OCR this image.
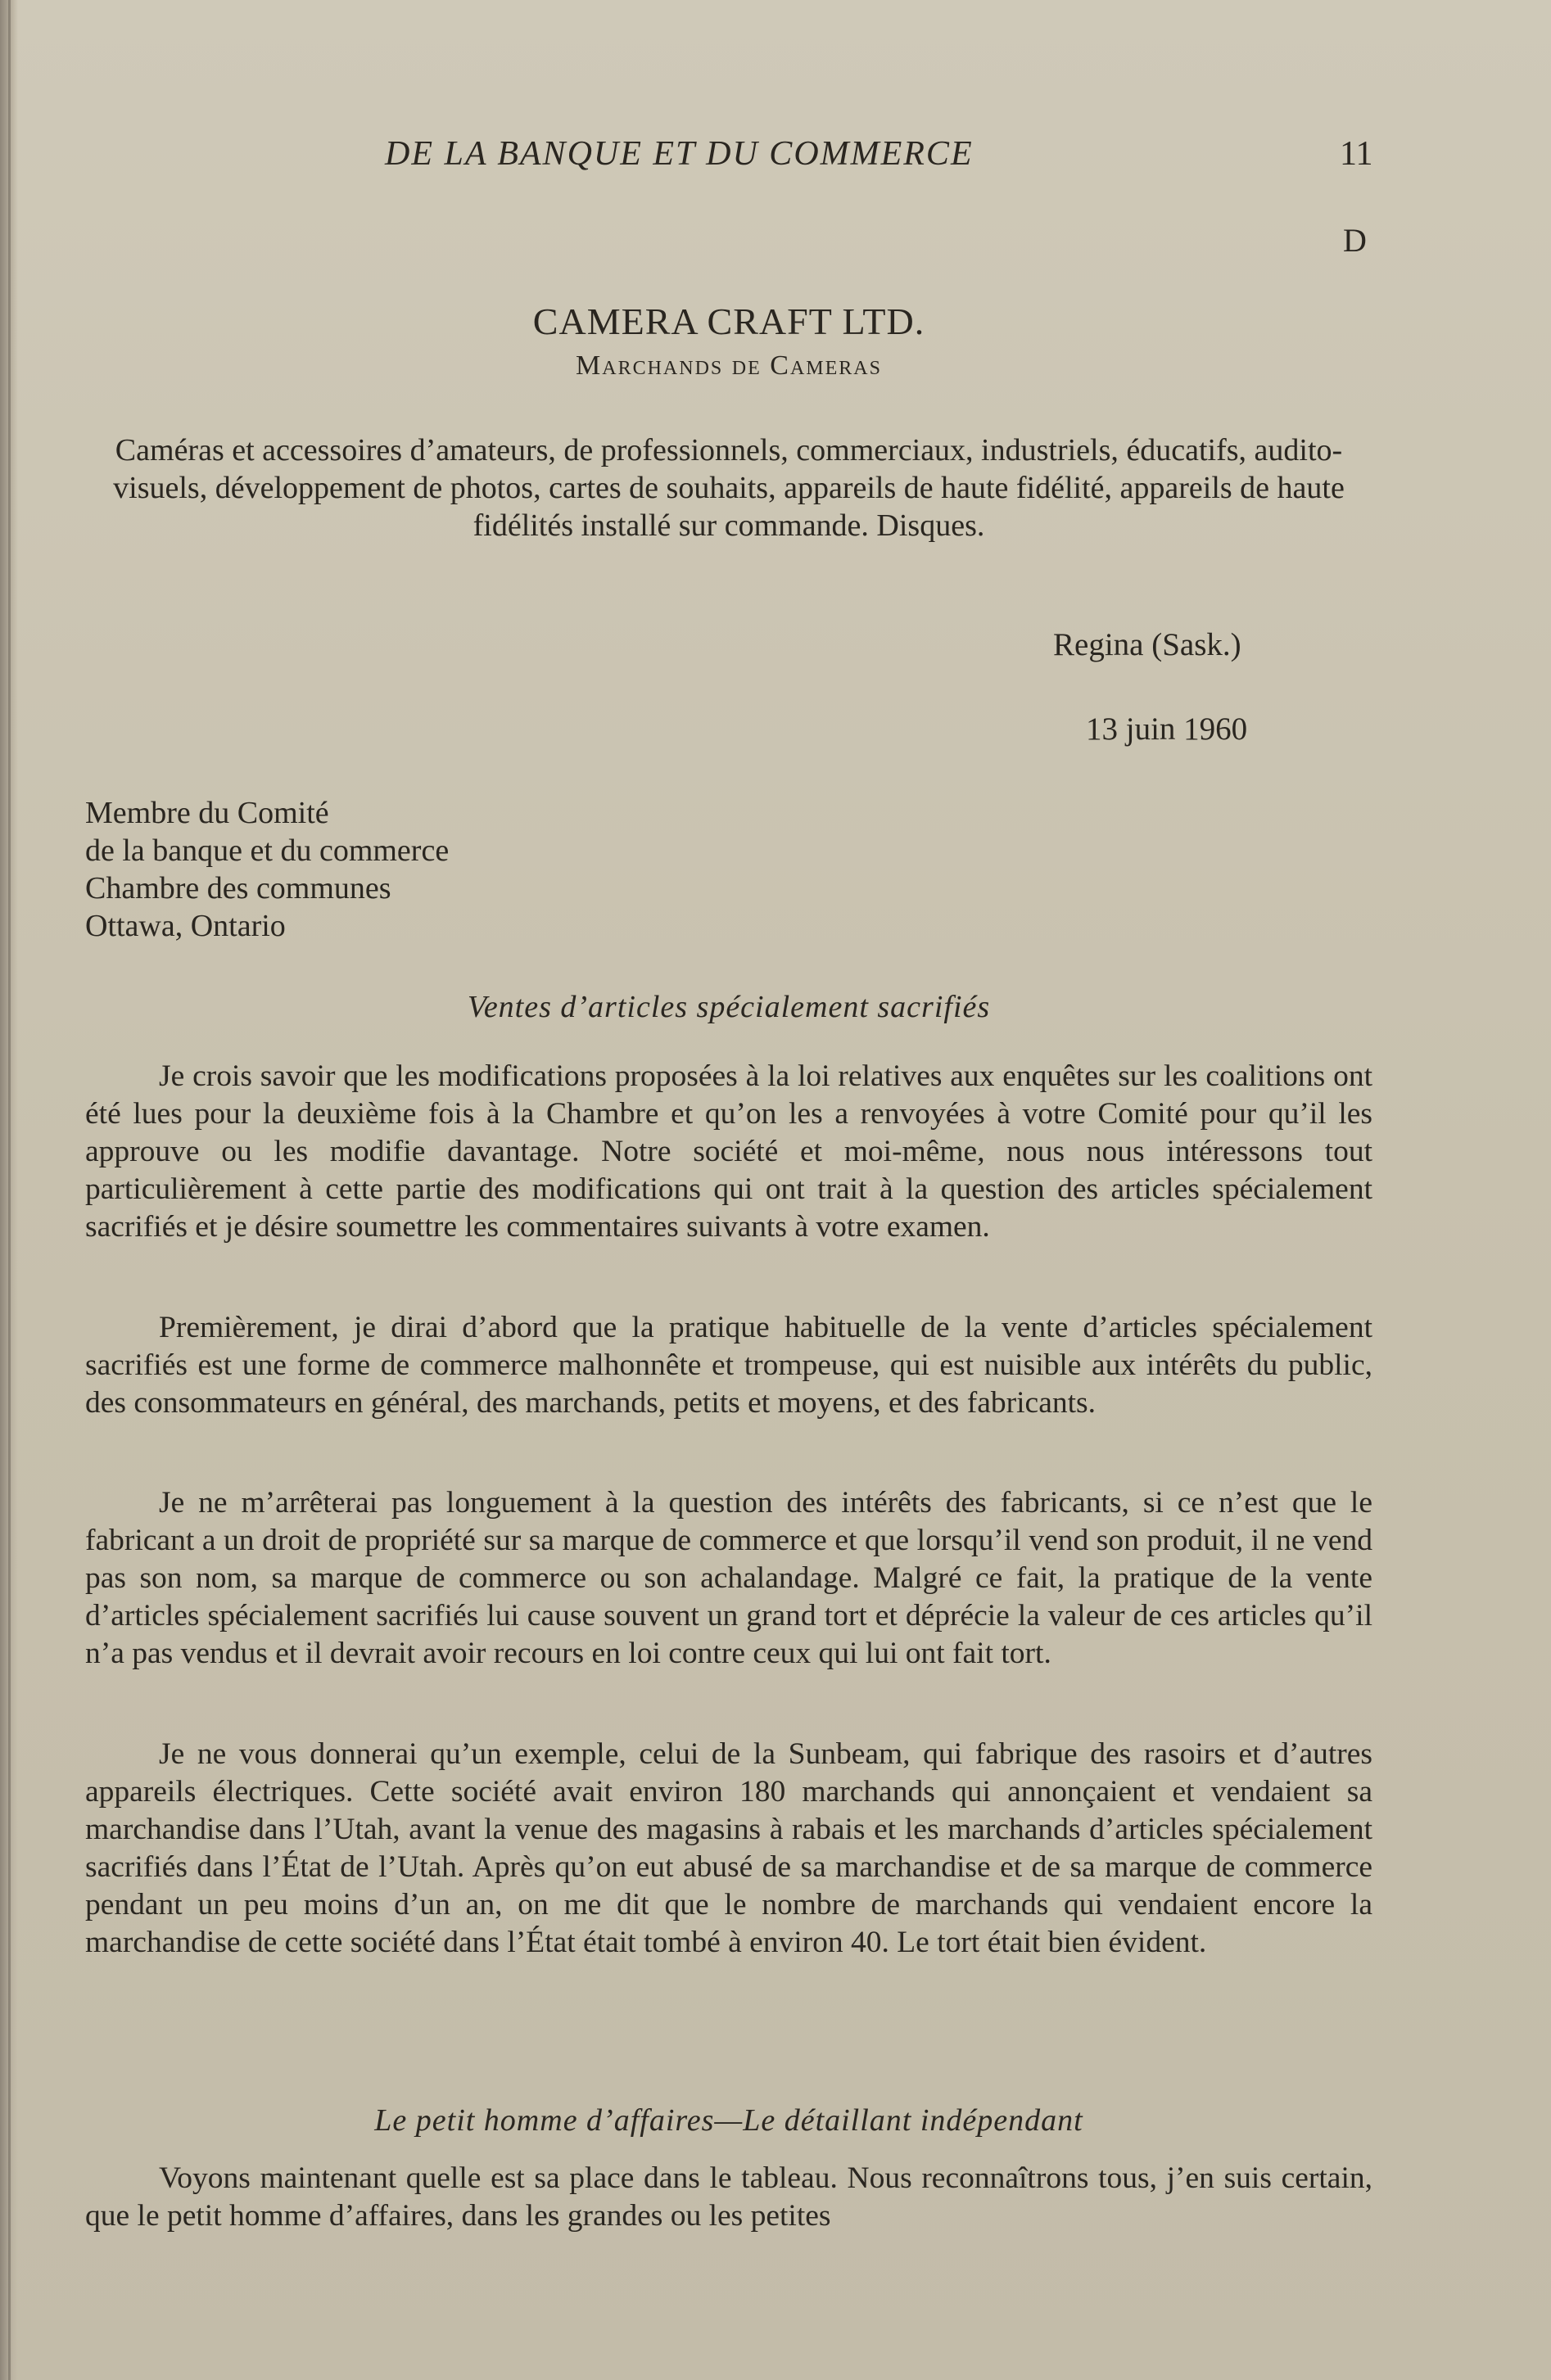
DE LA BANQUE ET DU COMMERCE	11
D
CAMERA CRAFT LTD.
Marchands de Cameras
Caméras et accessoires d’amateurs, de professionnels, commerciaux, industriels, éducatifs, audito-visuels, développement de photos, cartes de souhaits, appareils de haute fidélité, appareils de haute fidélités installé sur commande. Disques.
Regina (Sask.)
13 juin 1960
Membre du Comité
de la banque et du commerce
Chambre des communes
Ottawa, Ontario
Ventes d’articles spécialement sacrifiés
Je crois savoir que les modifications proposées à la loi relatives aux enquêtes sur les coalitions ont été lues pour la deuxième fois à la Chambre et qu’on les a renvoyées à votre Comité pour qu’il les approuve ou les modifie davantage. Notre société et moi-même, nous nous intéressons tout particulièrement à cette partie des modifications qui ont trait à la question des articles spécialement sacrifiés et je désire soumettre les commentaires suivants à votre examen.
Premièrement, je dirai d’abord que la pratique habituelle de la vente d’articles spécialement sacrifiés est une forme de commerce malhonnête et trompeuse, qui est nuisible aux intérêts du public, des consommateurs en général, des marchands, petits et moyens, et des fabricants.
Je ne m’arrêterai pas longuement à la question des intérêts des fabricants, si ce n’est que le fabricant a un droit de propriété sur sa marque de commerce et que lorsqu’il vend son produit, il ne vend pas son nom, sa marque de commerce ou son achalandage. Malgré ce fait, la pratique de la vente d’articles spécialement sacrifiés lui cause souvent un grand tort et déprécie la valeur de ces articles qu’il n’a pas vendus et il devrait avoir recours en loi contre ceux qui lui ont fait tort.
Je ne vous donnerai qu’un exemple, celui de la Sunbeam, qui fabrique des rasoirs et d’autres appareils électriques. Cette société avait environ 180 marchands qui annonçaient et vendaient sa marchandise dans l’Utah, avant la venue des magasins à rabais et les marchands d’articles spécialement sacrifiés dans l’État de l’Utah. Après qu’on eut abusé de sa marchandise et de sa marque de commerce pendant un peu moins d’un an, on me dit que le nombre de marchands qui vendaient encore la marchandise de cette société dans l’État était tombé à environ 40. Le tort était bien évident.
Le petit homme d’affaires—Le détaillant indépendant
Voyons maintenant quelle est sa place dans le tableau. Nous reconnaîtrons tous, j’en suis certain, que le petit homme d’affaires, dans les grandes ou les petites
